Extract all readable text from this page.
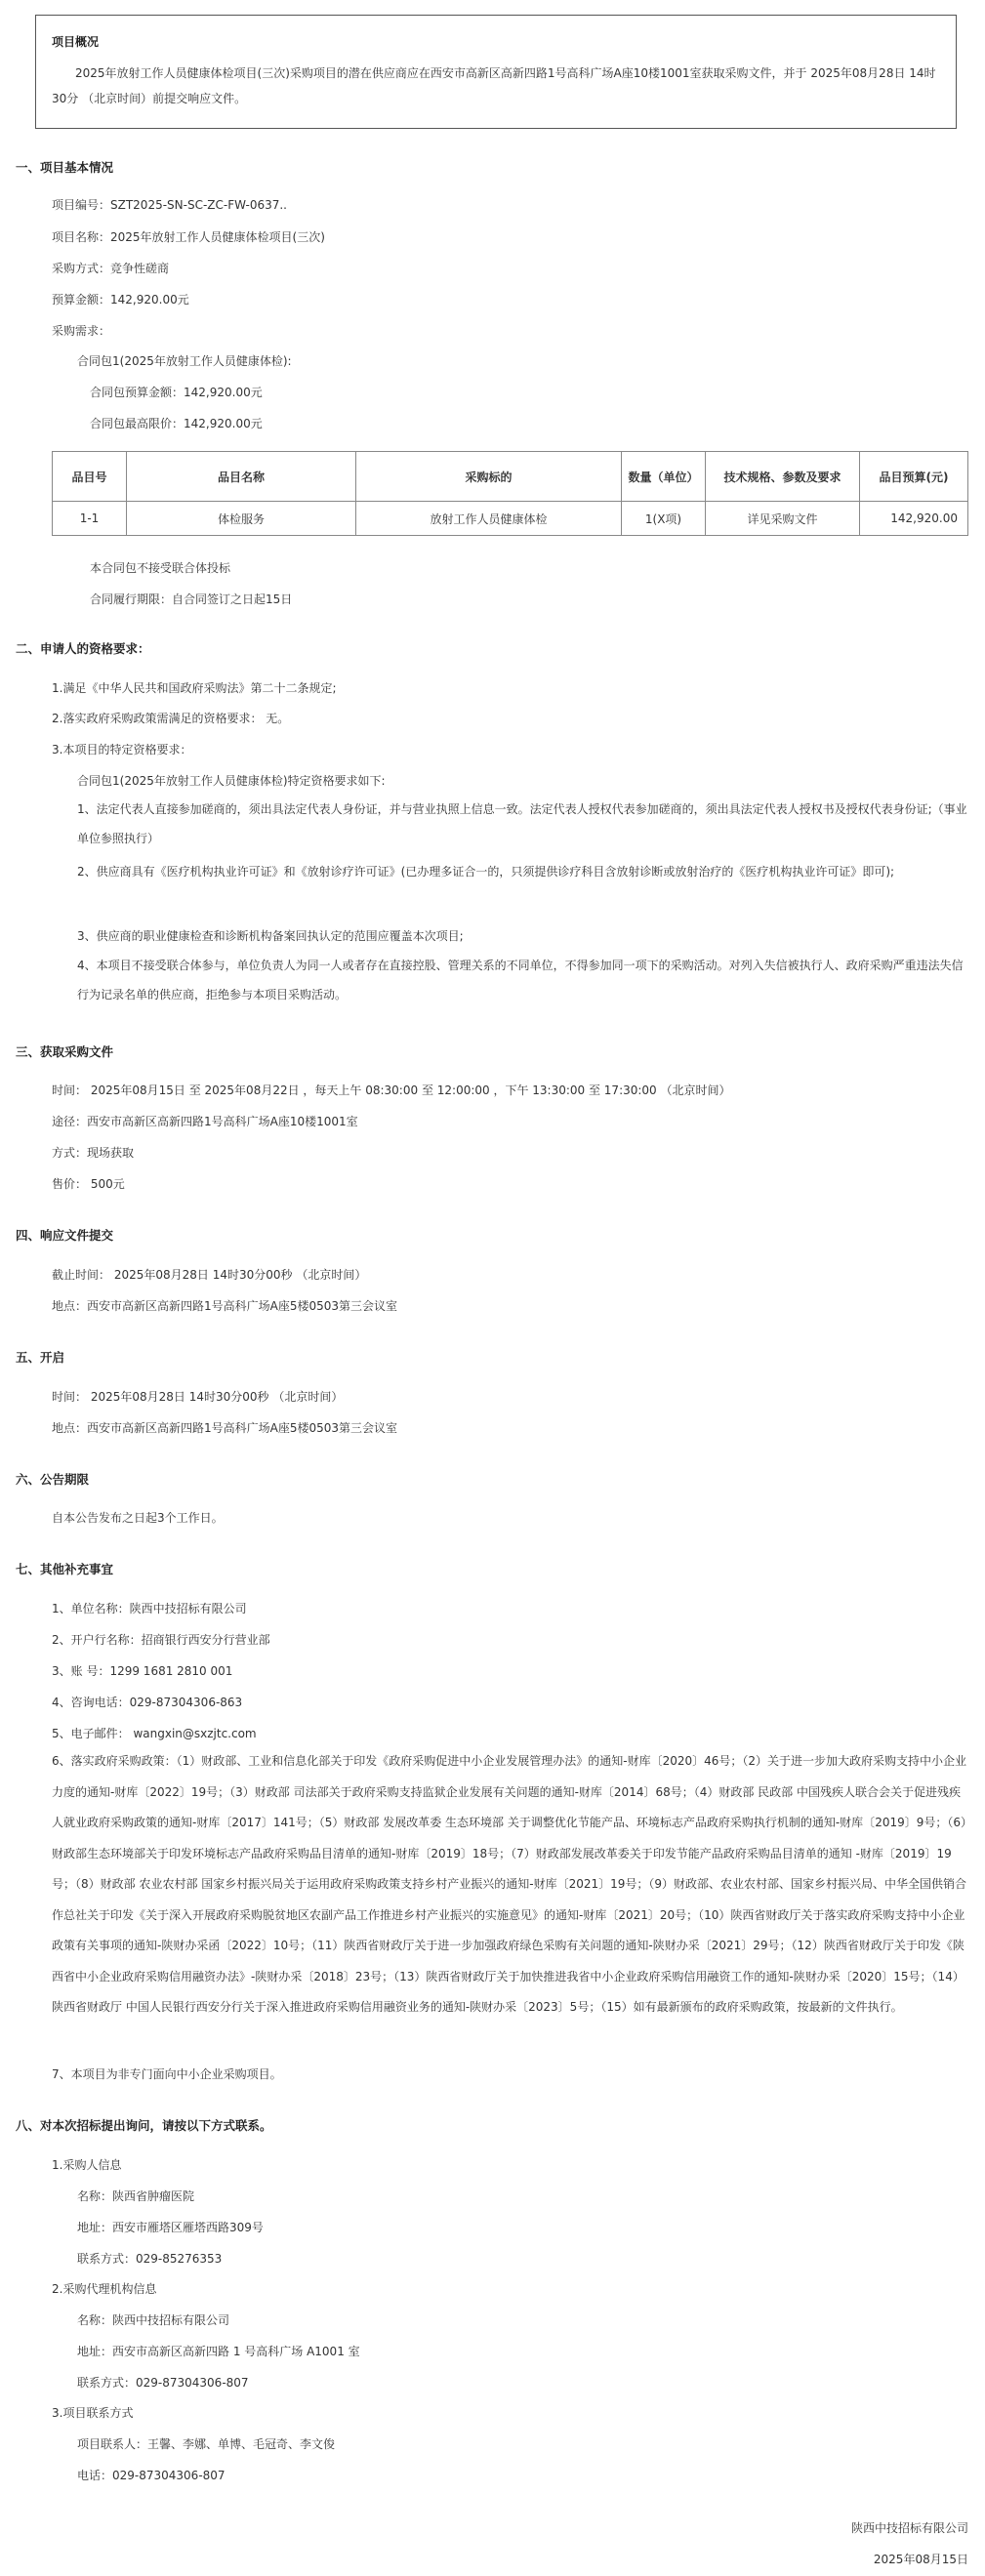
项目概况
2025年放射工作人员健康体检项目(三次)采购项目的潜在供应商应在西安市高新区高新四路1号高科广场A座10楼1001室获取采购文件，并于 2025年08月28日 14时30分 （北京时间）前提交响应文件。
一、项目基本情况
项目编号：SZT2025-SN-SC-ZC-FW-0637..
项目名称：2025年放射工作人员健康体检项目(三次)
采购方式：竞争性磋商
预算金额：142,920.00元
采购需求：
合同包1(2025年放射工作人员健康体检):
合同包预算金额：142,920.00元
合同包最高限价：142,920.00元
品目号	品目名称	采购标的	数量（单位）	技术规格、参数及要求	品目预算(元)
1-1	体检服务	放射工作人员健康体检	1(X项)	详见采购文件	142,920.00
本合同包不接受联合体投标
合同履行期限：自合同签订之日起15日
二、申请人的资格要求：
1.满足《中华人民共和国政府采购法》第二十二条规定;
2.落实政府采购政策需满足的资格要求： 无。
3.本项目的特定资格要求：
合同包1(2025年放射工作人员健康体检)特定资格要求如下:
1、法定代表人直接参加磋商的，须出具法定代表人身份证，并与营业执照上信息一致。法定代表人授权代表参加磋商的，须出具法定代表人授权书及授权代表身份证;（事业单位参照执行）
2、供应商具有《医疗机构执业许可证》和《放射诊疗许可证》(已办理多证合一的，只须提供诊疗科目含放射诊断或放射治疗的《医疗机构执业许可证》即可);
3、供应商的职业健康检查和诊断机构备案回执认定的范围应覆盖本次项目;
4、本项目不接受联合体参与，单位负责人为同一人或者存在直接控股、管理关系的不同单位，不得参加同一项下的采购活动。对列入失信被执行人、政府采购严重违法失信行为记录名单的供应商，拒绝参与本项目采购活动。
三、获取采购文件
时间： 2025年08月15日 至 2025年08月22日 ，每天上午 08:30:00 至 12:00:00 ，下午 13:30:00 至 17:30:00 （北京时间）
途径：西安市高新区高新四路1号高科广场A座10楼1001室
方式：现场获取
售价： 500元
四、响应文件提交
截止时间： 2025年08月28日 14时30分00秒 （北京时间）
地点：西安市高新区高新四路1号高科广场A座5楼0503第三会议室
五、开启
时间： 2025年08月28日 14时30分00秒 （北京时间）
地点：西安市高新区高新四路1号高科广场A座5楼0503第三会议室
六、公告期限
自本公告发布之日起3个工作日。
七、其他补充事宜
1、单位名称：陕西中技招标有限公司
2、开户行名称：招商银行西安分行营业部
3、账 号：1299 1681 2810 001
4、咨询电话：029-87304306-863
5、电子邮件： wangxin@sxzjtc.com
6、落实政府采购政策：（1）财政部、工业和信息化部关于印发《政府采购促进中小企业发展管理办法》的通知-财库〔2020〕46号；（2）关于进一步加大政府采购支持中小企业力度的通知-财库〔2022〕19号；（3）财政部 司法部关于政府采购支持监狱企业发展有关问题的通知-财库〔2014〕68号；（4）财政部 民政部 中国残疾人联合会关于促进残疾人就业政府采购政策的通知-财库〔2017〕141号；（5）财政部 发展改革委 生态环境部 关于调整优化节能产品、环境标志产品政府采购执行机制的通知-财库〔2019〕9号；（6）财政部生态环境部关于印发环境标志产品政府采购品目清单的通知-财库〔2019〕18号；（7）财政部发展改革委关于印发节能产品政府采购品目清单的通知 -财库〔2019〕19号；（8）财政部 农业农村部 国家乡村振兴局关于运用政府采购政策支持乡村产业振兴的通知-财库〔2021〕19号；（9）财政部、农业农村部、国家乡村振兴局、中华全国供销合作总社关于印发《关于深入开展政府采购脱贫地区农副产品工作推进乡村产业振兴的实施意见》的通知-财库〔2021〕20号；（10）陕西省财政厅关于落实政府采购支持中小企业政策有关事项的通知-陕财办采函〔2022〕10号；（11）陕西省财政厅关于进一步加强政府绿色采购有关问题的通知-陕财办采〔2021〕29号；（12）陕西省财政厅关于印发《陕西省中小企业政府采购信用融资办法》-陕财办采〔2018〕23号；（13）陕西省财政厅关于加快推进我省中小企业政府采购信用融资工作的通知-陕财办采〔2020〕15号；（14）陕西省财政厅 中国人民银行西安分行关于深入推进政府采购信用融资业务的通知-陕财办采〔2023〕5号；（15）如有最新颁布的政府采购政策，按最新的文件执行。
7、本项目为非专门面向中小企业采购项目。
八、对本次招标提出询问，请按以下方式联系。
1.采购人信息
名称：陕西省肿瘤医院
地址：西安市雁塔区雁塔西路309号
联系方式：029-85276353
2.采购代理机构信息
名称：陕西中技招标有限公司
地址：西安市高新区高新四路 1 号高科广场 A1001 室
联系方式：029-87304306-807
3.项目联系方式
项目联系人：王馨、李娜、单博、毛冠奇、李文俊
电话：029-87304306-807
陕西中技招标有限公司
2025年08月15日
